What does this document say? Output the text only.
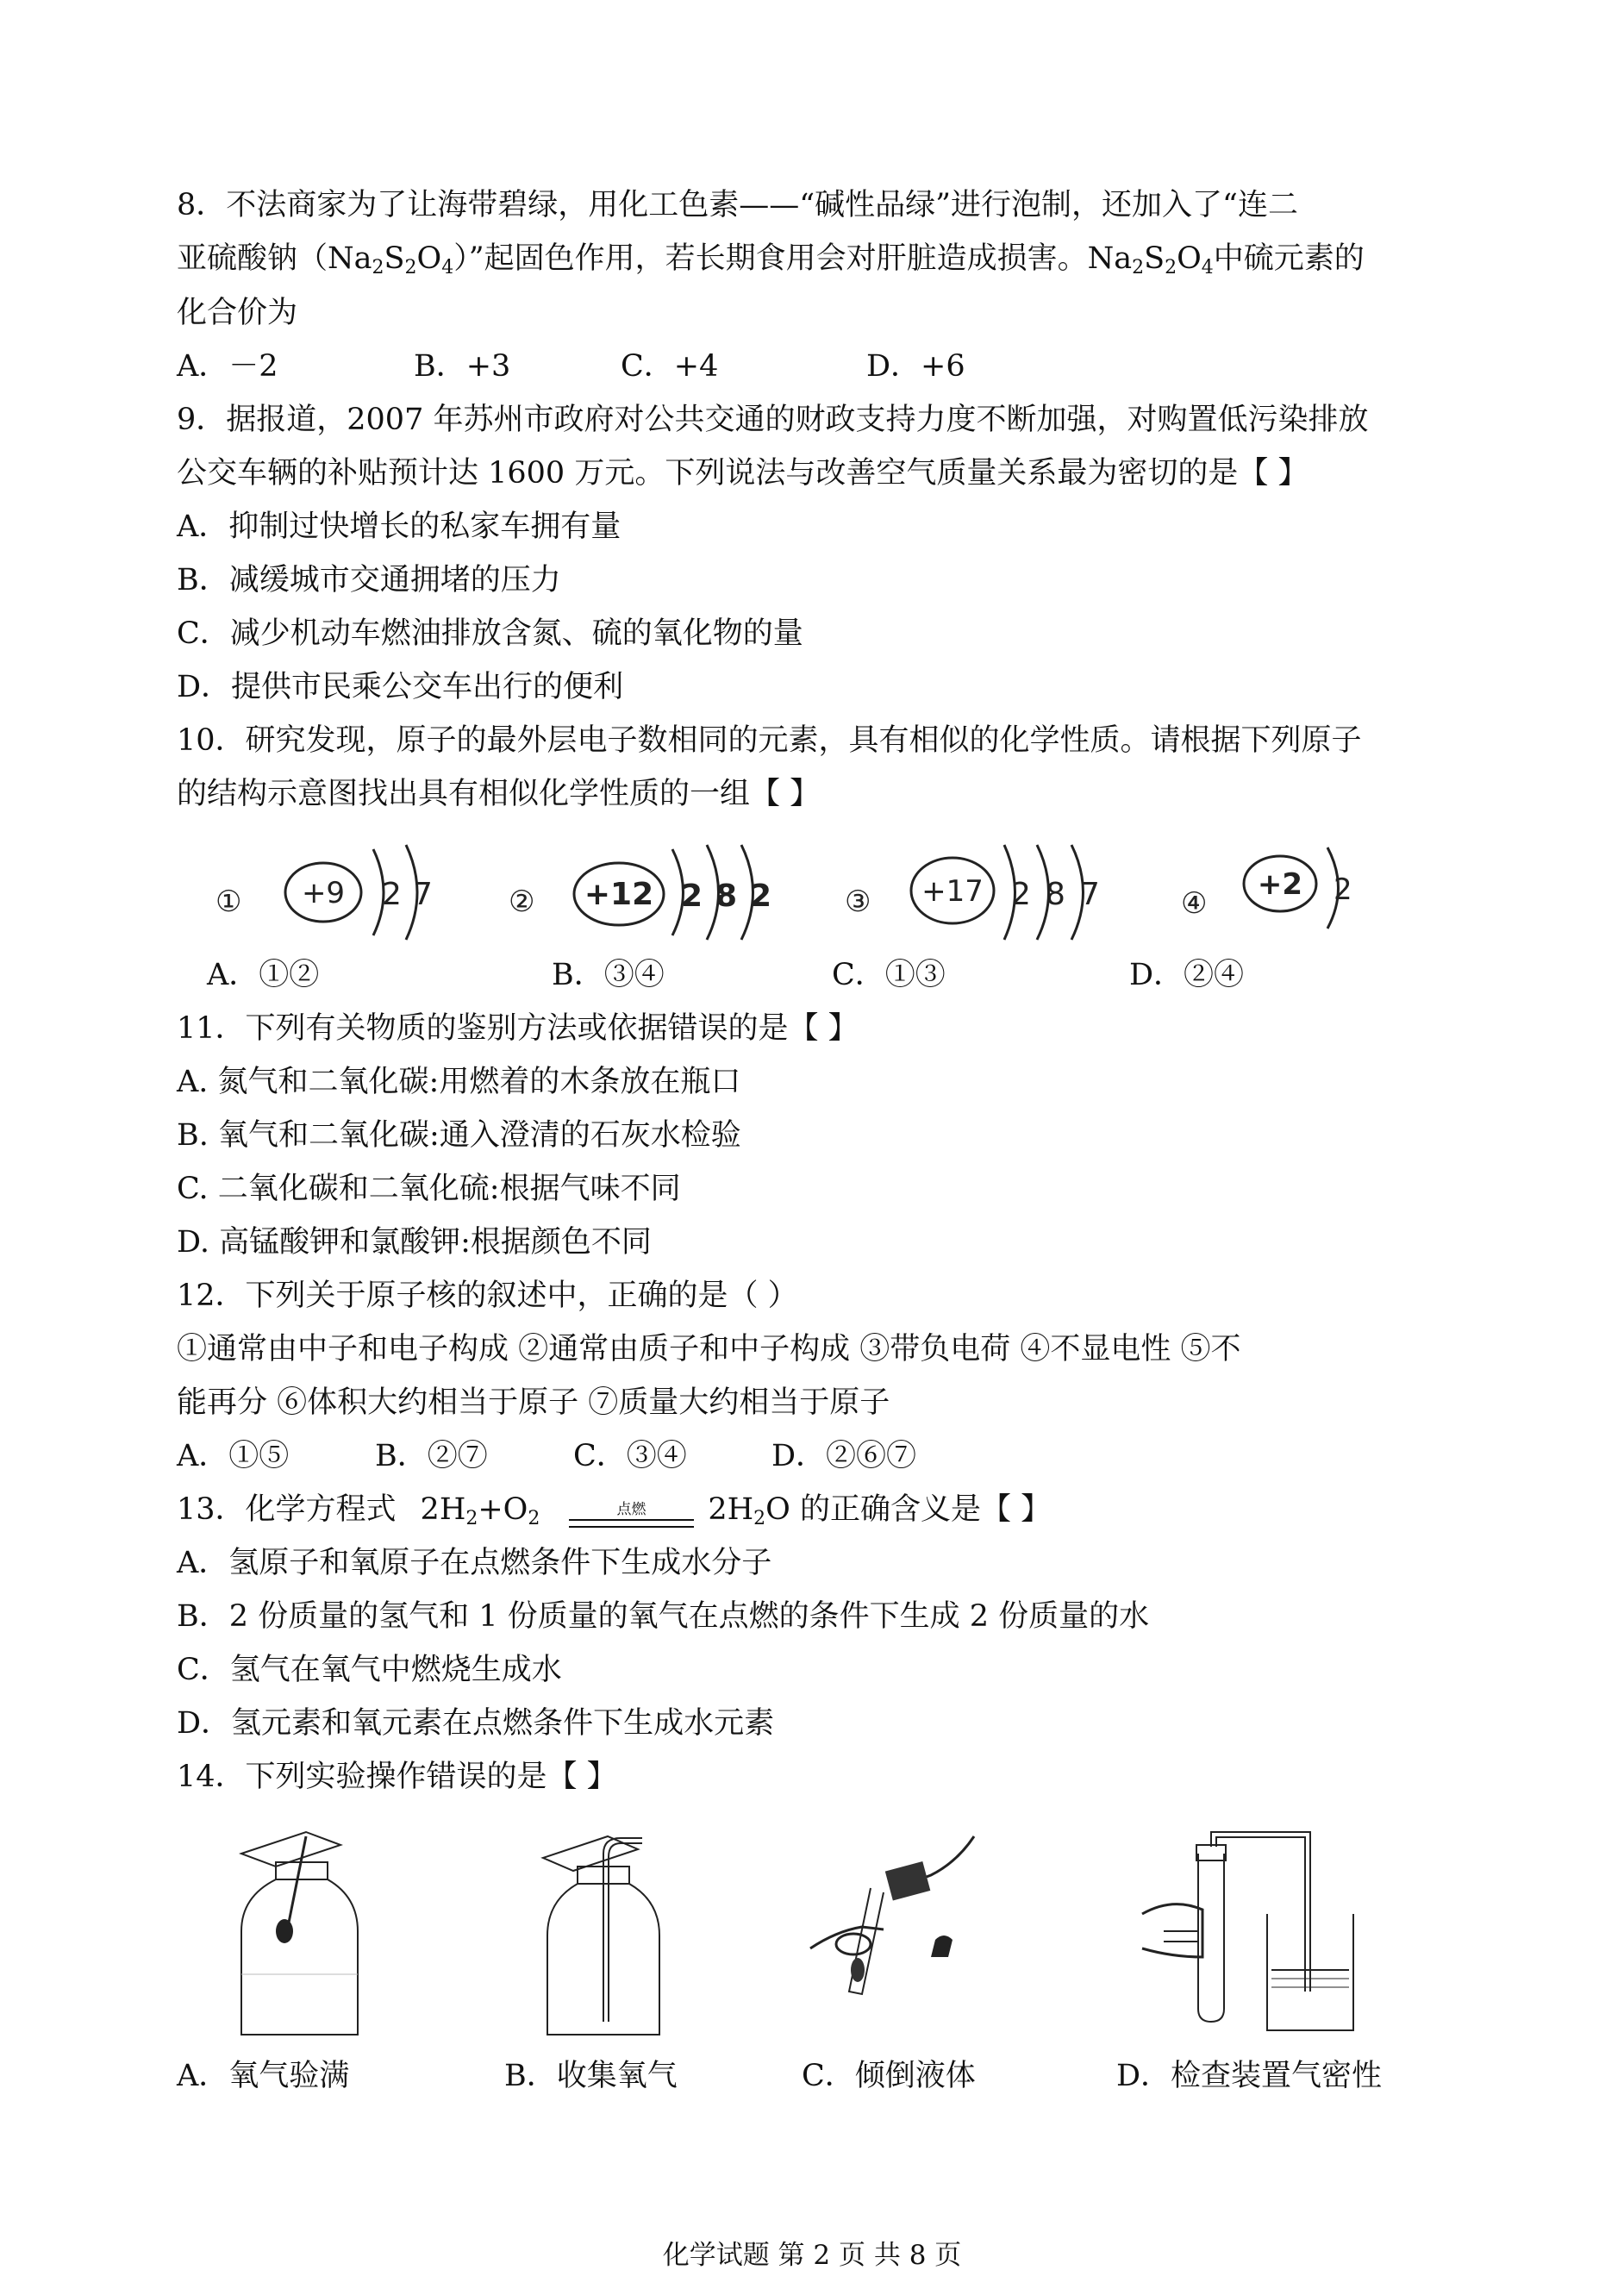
8．不法商家为了让海带碧绿，用化工色素——“碱性品绿”进行泡制，还加入了“连二
亚硫酸钠$(Na_2S_2O_4)$”起固色作用，若长期食用会对肝脏造成损害。$Na_2S_2O_4$中硫元素的
化合价为
A．－2	B．+3	C．+4	D．+6
9．据报道，2007 年苏州市政府对公共交通的财政支持力度不断加强，对购置低污染排放
公交车辆的补贴预计达 1600 万元。下列说法与改善空气质量关系最为密切的是【 】
A．抑制过快增长的私家车拥有量
B．减缓城市交通拥堵的压力
C．减少机动车燃油排放含氮、硫的氧化物的量
D．提供市民乘公交车出行的便利
10．研究发现，原子的最外层电子数相同的元素，具有相似的化学性质。请根据下列原子
的结构示意图找出具有相似化学性质的一组【 】
① +9 2 7	② +12 2 8 2 ③ +17 2 8 7	④
+2 2
A．①②	B．③④	C．①③	D．②④
11．下列有关物质的鉴别方法或依据错误的是【 】
A. 氮气和二氧化碳:用燃着的木条放在瓶口
B. 氧气和二氧化碳:通入澄清的石灰水检验
C. 二氧化碳和二氧化硫:根据气味不同
D. 高锰酸钾和氯酸钾:根据颜色不同
12．下列关于原子核的叙述中，正确的是（ ）
①通常由中子和电子构成 ②通常由质子和中子构成 ③带负电荷 ④不显电性 ⑤不
能再分 ⑥体积大约相当于原子 ⑦质量大约相当于原子
A．①⑤	B．②⑦	C．③④	D．②⑥⑦
13．化学方程式 $2H_2+O_2$	$2H_2O$ 的正确含义是【 】
点燃
A．氢原子和氧原子在点燃条件下生成水分子
B．2 份质量的氢气和 1 份质量的氧气在点燃的条件下生成 2 份质量的水
C．氢气在氧气中燃烧生成水
D．氢元素和氧元素在点燃条件下生成水元素
14．下列实验操作错误的是【 】
A．氧气验满	B．收集氧气	C．倾倒液体	D．检查装置气密性
化学试题 第 2 页 共 8 页
